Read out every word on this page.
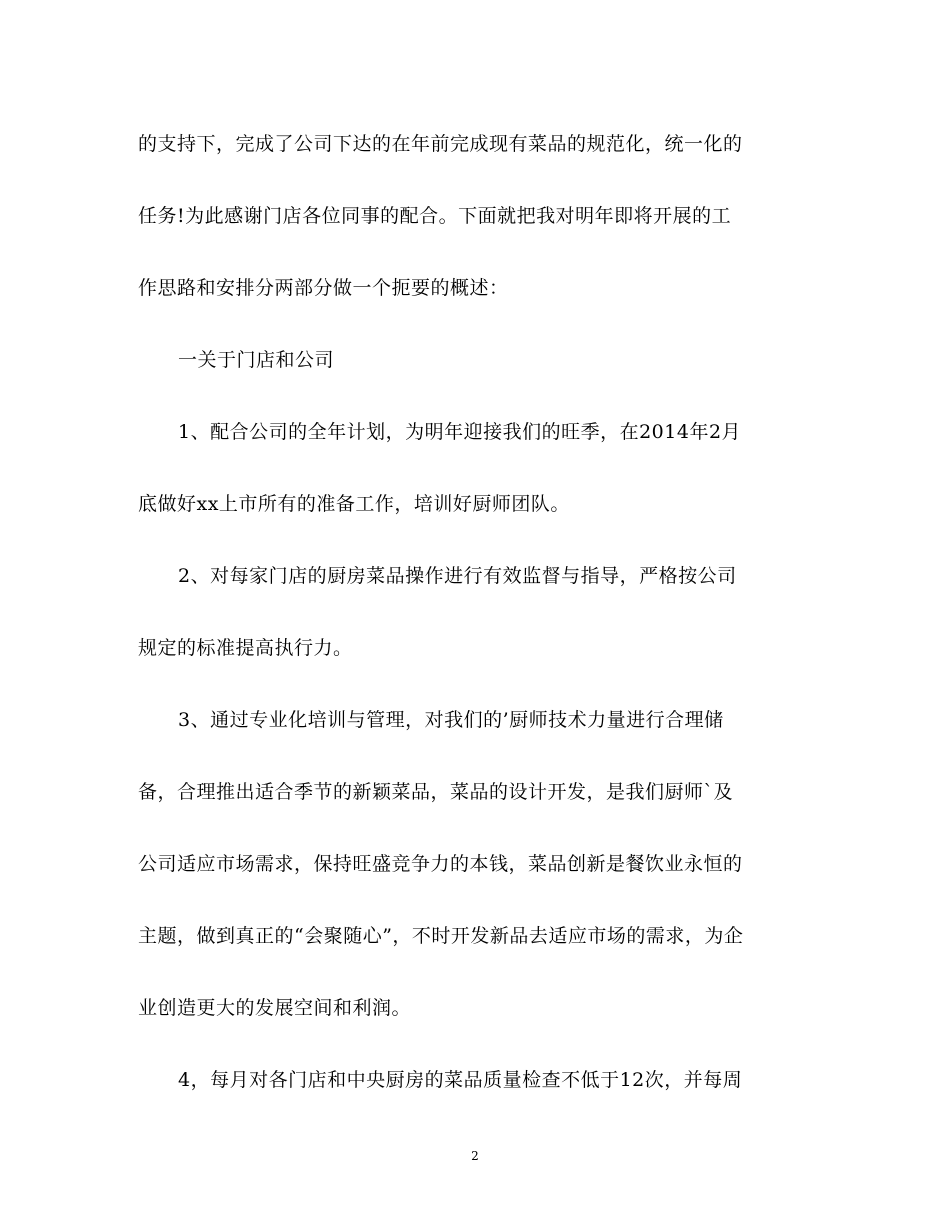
的支持下，完成了公司下达的在年前完成现有菜品的规范化，统一化的
任务!为此感谢门店各位同事的配合。下面就把我对明年即将开展的工
作思路和安排分两部分做一个扼要的概述：
一关于门店和公司
1、配合公司的全年计划，为明年迎接我们的旺季，在2014年2月
底做好xx上市所有的准备工作，培训好厨师团队。
2、对每家门店的厨房菜品操作进行有效监督与指导，严格按公司
规定的标准提高执行力。
3、通过专业化培训与管理，对我们的’厨师技术力量进行合理储
备，合理推出适合季节的新颖菜品，菜品的设计开发，是我们厨师`及
公司适应市场需求，保持旺盛竞争力的本钱，菜品创新是餐饮业永恒的
主题，做到真正的“会聚随心”，不时开发新品去适应市场的需求，为企
业创造更大的发展空间和利润。
4，每月对各门店和中央厨房的菜品质量检查不低于12次，并每周
2
